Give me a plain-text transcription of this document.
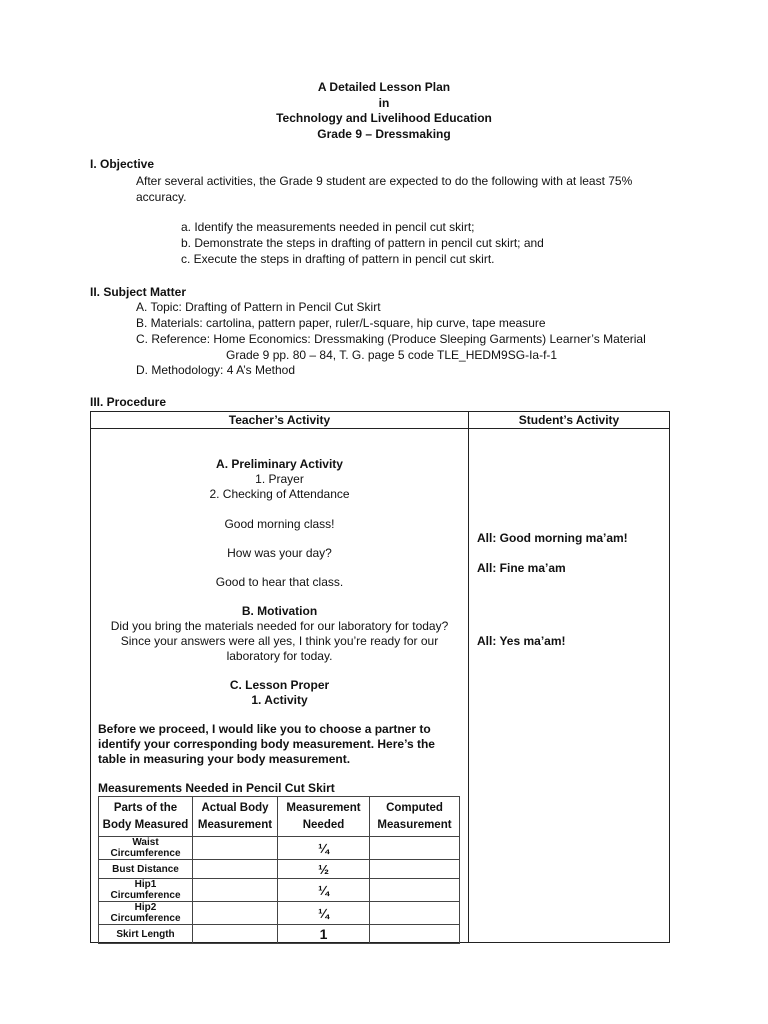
A Detailed Lesson Plan
in
Technology and Livelihood Education
Grade 9 – Dressmaking
I. Objective
After several activities, the Grade 9 student are expected to do the following with at least 75%
accuracy.
a. Identify the measurements needed in pencil cut skirt;
b. Demonstrate the steps in drafting of pattern in pencil cut skirt; and
c. Execute the steps in drafting of pattern in pencil cut skirt.
II. Subject Matter
A. Topic: Drafting of Pattern in Pencil Cut Skirt
B. Materials: cartolina, pattern paper, ruler/L-square, hip curve, tape measure
C. Reference: Home Economics: Dressmaking (Produce Sleeping Garments) Learner’s Material
Grade 9 pp. 80 – 84, T. G. page 5 code TLE_HEDM9SG-Ia-f-1
D. Methodology: 4 A’s Method
III. Procedure
Teacher’s Activity	Student’s Activity
A. Preliminary Activity
1. Prayer
2. Checking of Attendance
Good morning class!
How was your day?
Good to hear that class.
B. Motivation
Did you bring the materials needed for our laboratory for today?
Since your answers were all yes, I think you’re ready for our
laboratory for today.
C. Lesson Proper
1. Activity
Before we proceed, I would like you to choose a partner to
identify your corresponding body measurement. Here’s the
table in measuring your body measurement.
All: Good morning ma’am!
All: Fine ma’am
All: Yes ma’am!
Measurements Needed in Pencil Cut Skirt
Parts of the Body Measured	Actual Body Measurement	Measurement Needed	Computed Measurement
Waist Circumference		¼	
Bust Distance		½	
Hip1 Circumference		¼	
Hip2 Circumference		¼	
Skirt Length		1	
